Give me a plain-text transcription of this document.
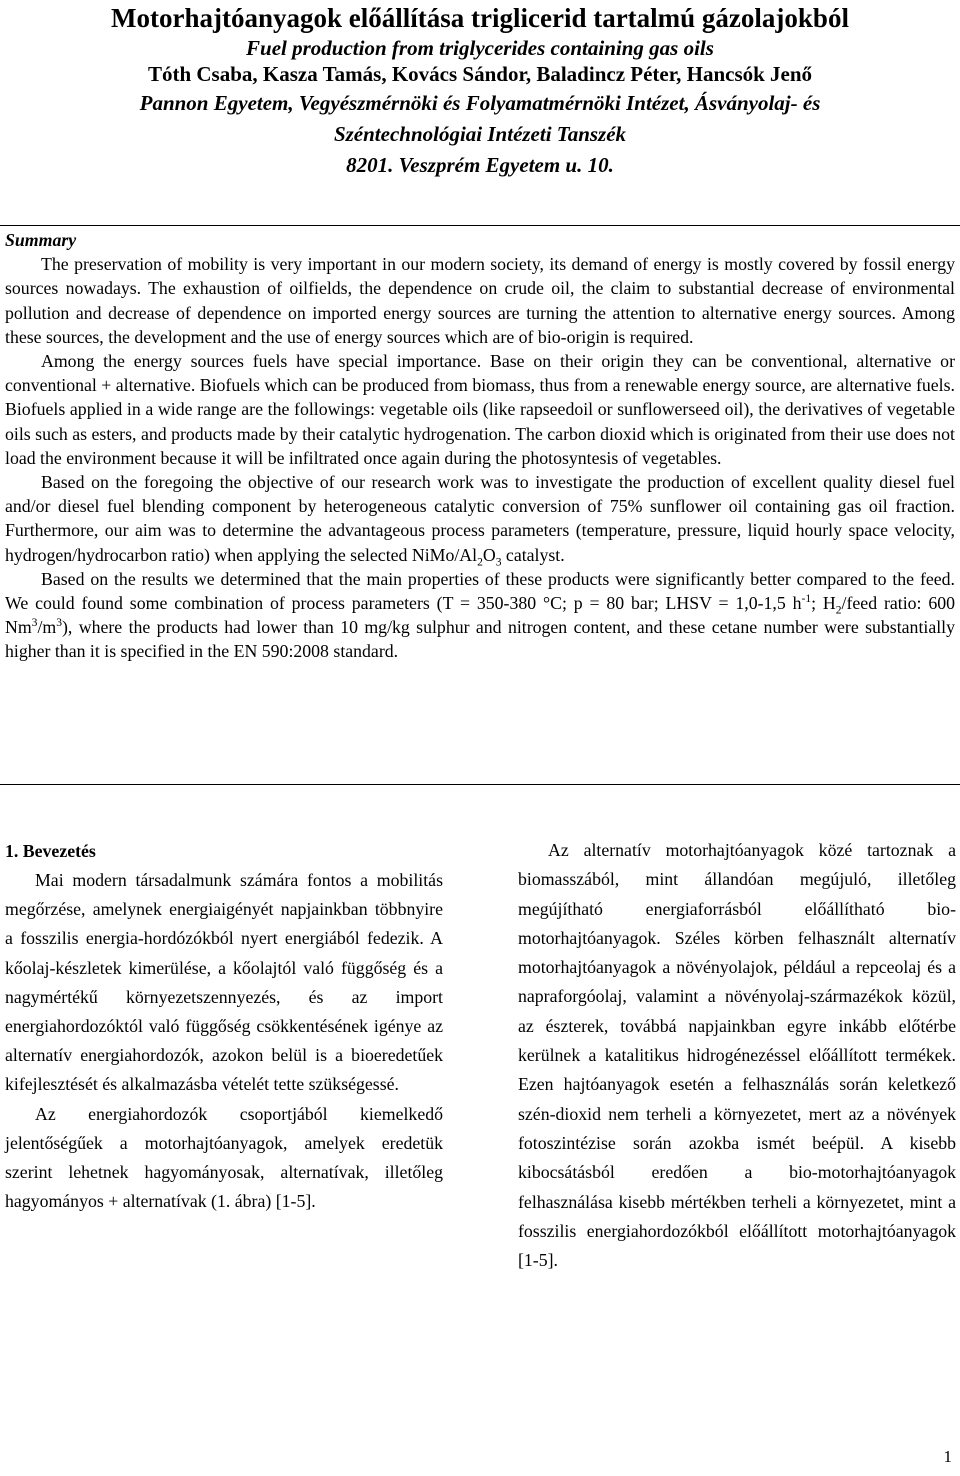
Motorhajtóanyagok előállítása triglicerid tartalmú gázolajokból
Fuel production from triglycerides containing gas oils
Tóth Csaba, Kasza Tamás, Kovács Sándor, Baladincz Péter, Hancsók Jenő
Pannon Egyetem, Vegyészmérnöki és Folyamatmérnöki Intézet, Ásványolaj- és
Széntechnológiai Intézeti Tanszék
8201. Veszprém Egyetem u. 10.
Summary

The preservation of mobility is very important in our modern society, its demand of energy is mostly covered by fossil energy sources nowadays. The exhaustion of oilfields, the dependence on crude oil, the claim to substantial decrease of environmental pollution and decrease of dependence on imported energy sources are turning the attention to alternative energy sources. Among these sources, the development and the use of energy sources which are of bio-origin is required.

Among the energy sources fuels have special importance. Base on their origin they can be conventional, alternative or conventional + alternative. Biofuels which can be produced from biomass, thus from a renewable energy source, are alternative fuels. Biofuels applied in a wide range are the followings: vegetable oils (like rapseedoil or sunflowerseed oil), the derivatives of vegetable oils such as esters, and products made by their catalytic hydrogenation. The carbon dioxid which is originated from their use does not load the environment because it will be infiltrated once again during the photosyntesis of vegetables.

Based on the foregoing the objective of our research work was to investigate the production of excellent quality diesel fuel and/or diesel fuel blending component by heterogeneous catalytic conversion of 75% sunflower oil containing gas oil fraction. Furthermore, our aim was to determine the advantageous process parameters (temperature, pressure, liquid hourly space velocity, hydrogen/hydrocarbon ratio) when applying the selected NiMo/$Al_2O_3$ catalyst.

Based on the results we determined that the main properties of these products were significantly better compared to the feed. We could found some combination of process parameters (T = 350-380 °C; p = 80 bar; LHSV = 1,0-1,5 $h^{-1}$; $H_2$/feed ratio: 600 $Nm^3/m^3$), where the products had lower than 10 mg/kg sulphur and nitrogen content, and these cetane number were substantially higher than it is specified in the EN 590:2008 standard.

1. Bevezetés

Mai modern társadalmunk számára fontos a mobilitás megőrzése, amelynek energiaigényét napjainkban többnyire a fosszilis energia-hordózókból nyert energiából fedezik. A kőolaj-készletek kimerülése, a kőolajtól való függőség és a nagymértékű környezetszennyezés, és az import energiahordozóktól való függőség csökkentésének igénye az alternatív energiahordozók, azokon belül is a bioeredetűek kifejlesztését és alkalmazásba vételét tette szükségessé.

Az energiahordozók csoportjából kiemelkedő jelentőségűek a motorhajtóanyagok, amelyek eredetük szerint lehetnek hagyományosak, alternatívak, illetőleg hagyományos + alternatívak (1. ábra) [1-5].

Az alternatív motorhajtóanyagok közé tartoznak a biomasszából, mint állandóan megújuló, illetőleg megújítható energiaforrásból előállítható bio-motorhajtóanyagok. Széles körben felhasznált alternatív motorhajtóanyagok a növényolajok, például a repceolaj és a napraforgóolaj, valamint a növényolaj-származékok közül, az észterek, továbbá napjainkban egyre inkább előtérbe kerülnek a katalitikus hidrogénezéssel előállított termékek. Ezen hajtóanyagok esetén a felhasználás során keletkező szén-dioxid nem terheli a környezetet, mert az a növények fotoszintézise során azokba ismét beépül. A kisebb kibocsátásból eredően a bio-motorhajtóanyagok felhasználása kisebb mértékben terheli a környezetet, mint a fosszilis energiahordozókból előállított motorhajtóanyagok [1-5].

1
